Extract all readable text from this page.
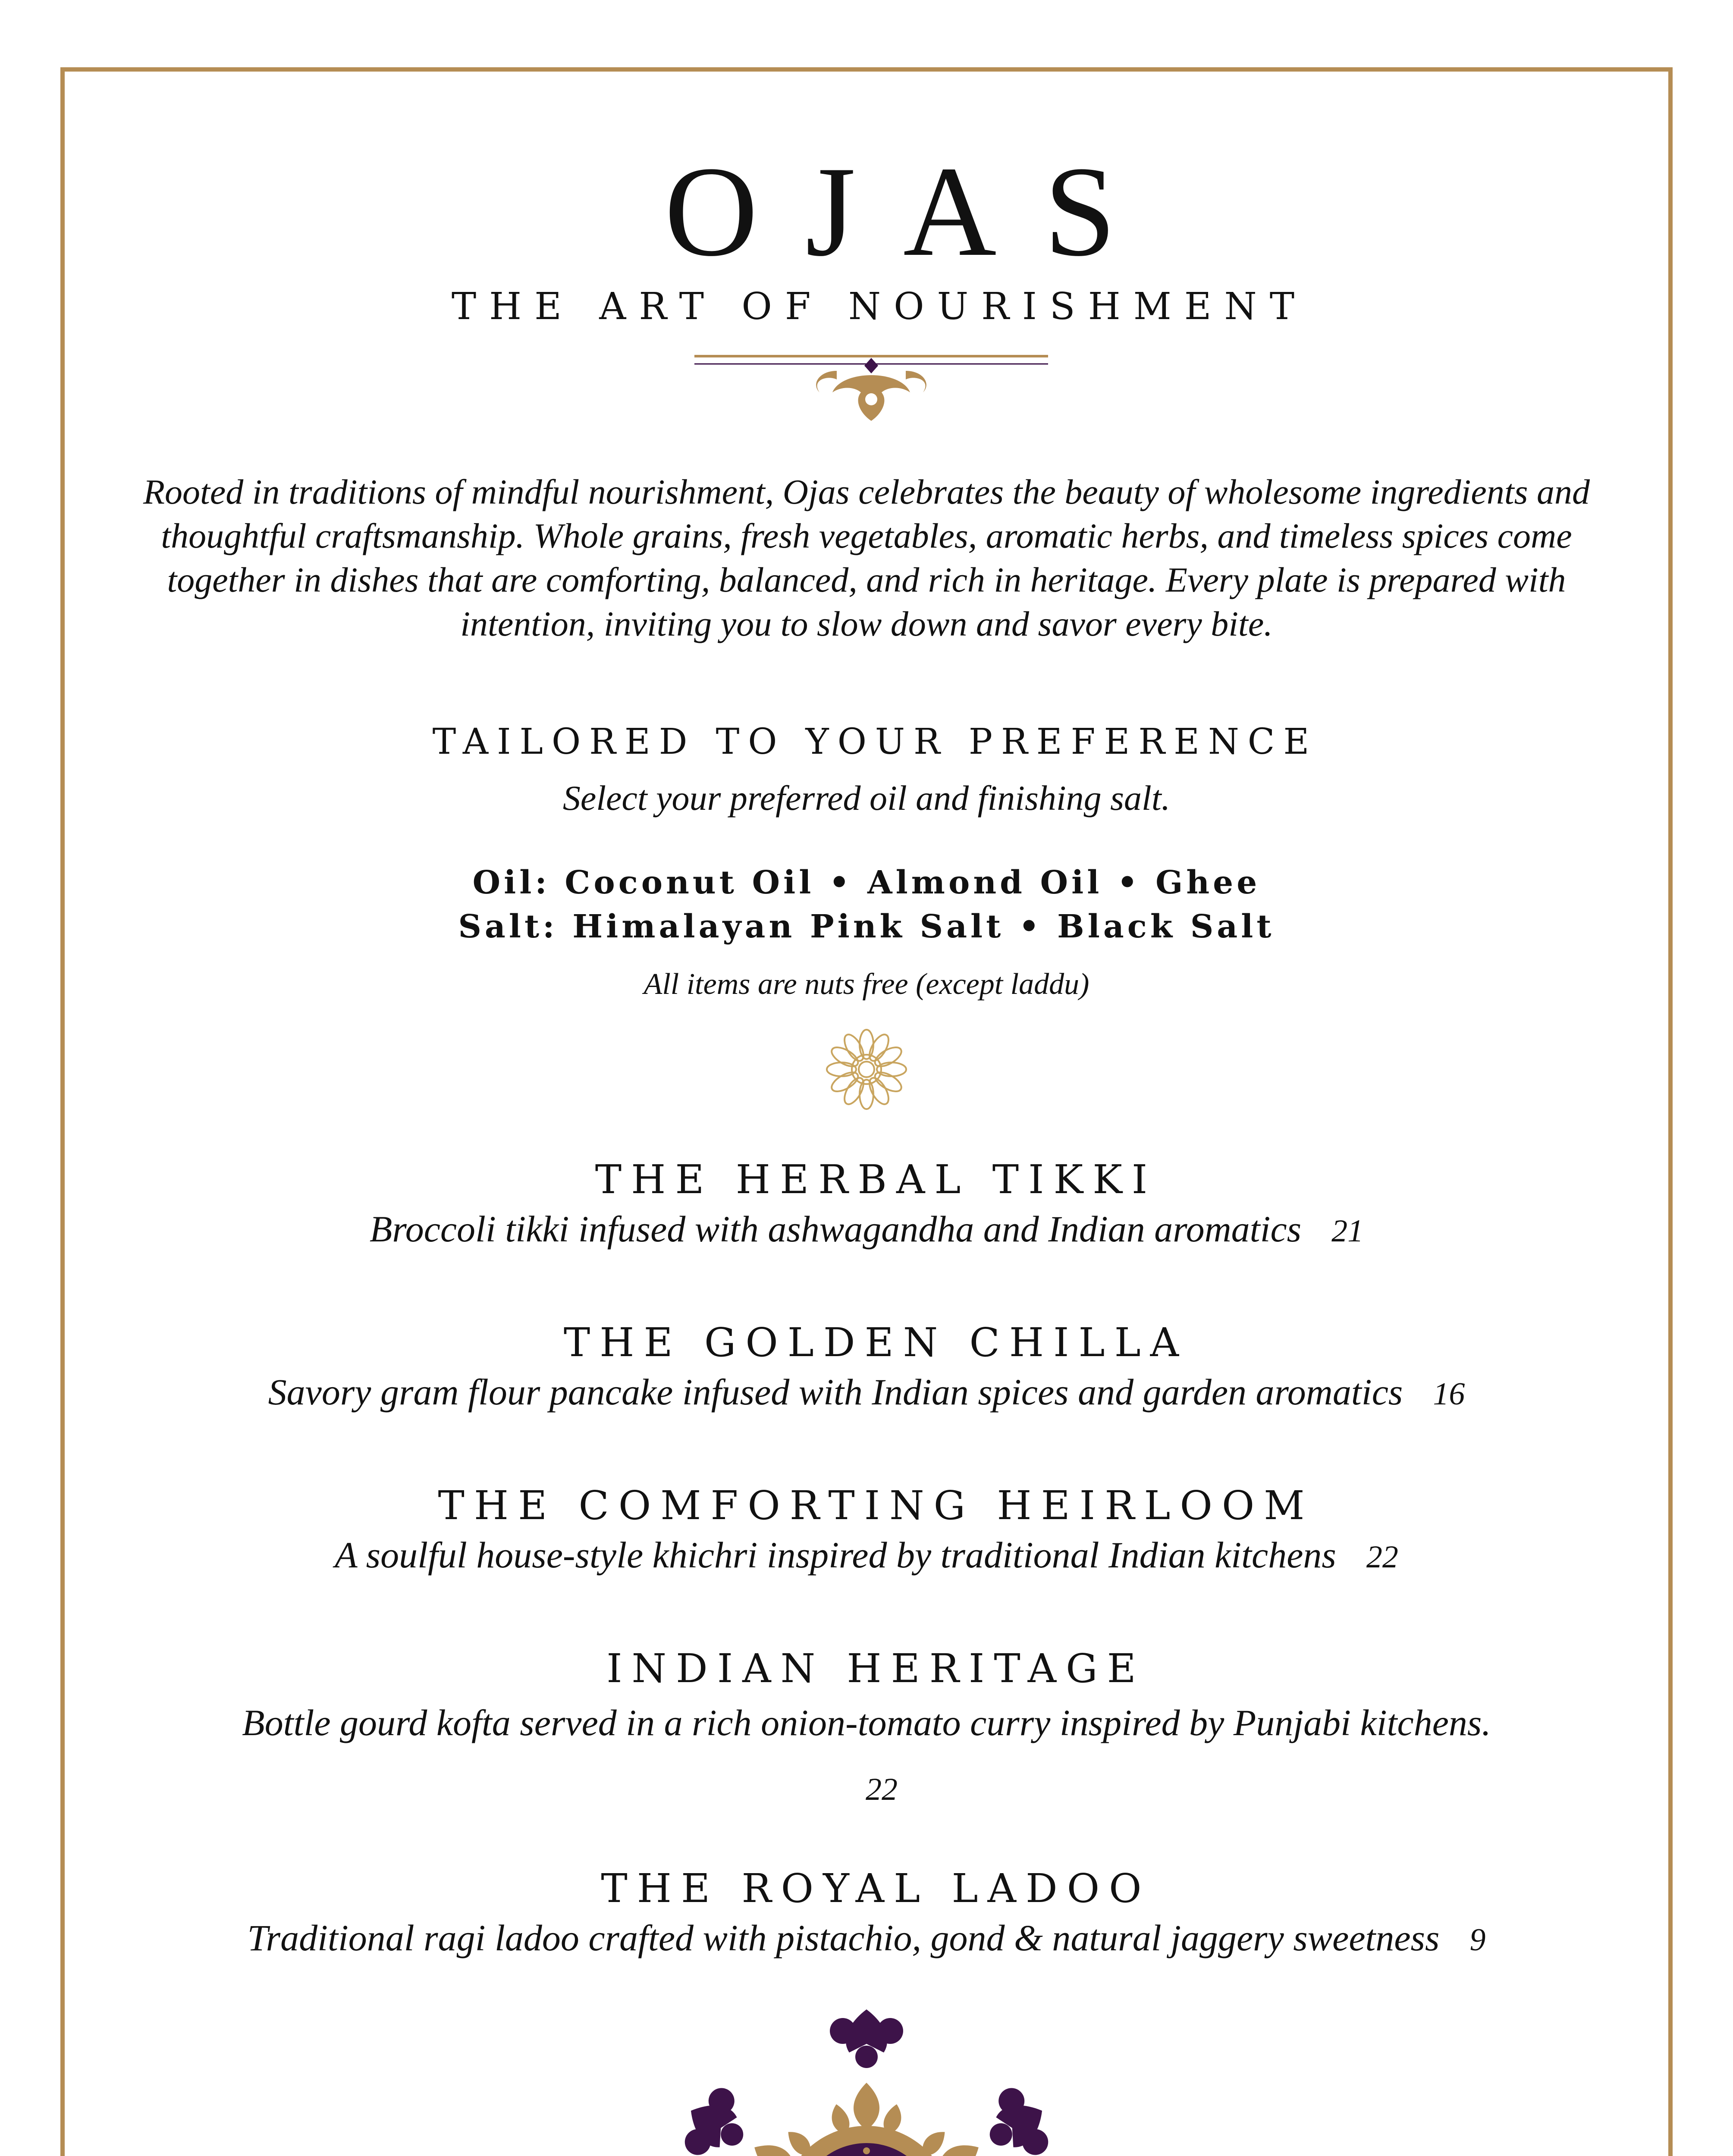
OJAS
THE ART OF NOURISHMENT
Rooted in traditions of mindful nourishment, Ojas celebrates the beauty of wholesome ingredients and thoughtful craftsmanship. Whole grains, fresh vegetables, aromatic herbs, and timeless spices come together in dishes that are comforting, balanced, and rich in heritage. Every plate is prepared with intention, inviting you to slow down and savor every bite.
TAILORED TO YOUR PREFERENCE
Select your preferred oil and finishing salt.
Oil: Coconut Oil • Almond Oil • Ghee
Salt: Himalayan Pink Salt • Black Salt
All items are nuts free (except laddu)
THE HERBAL TIKKI
Broccoli tikki infused with ashwagandha and Indian aromatics 21
THE GOLDEN CHILLA
Savory gram flour pancake infused with Indian spices and garden aromatics 16
THE COMFORTING HEIRLOOM
A soulful house-style khichri inspired by traditional Indian kitchens 22
INDIAN HERITAGE
Bottle gourd kofta served in a rich onion-tomato curry inspired by Punjabi kitchens.22
THE ROYAL LADOO
Traditional ragi ladoo crafted with pistachio, gond & natural jaggery sweetness 9
